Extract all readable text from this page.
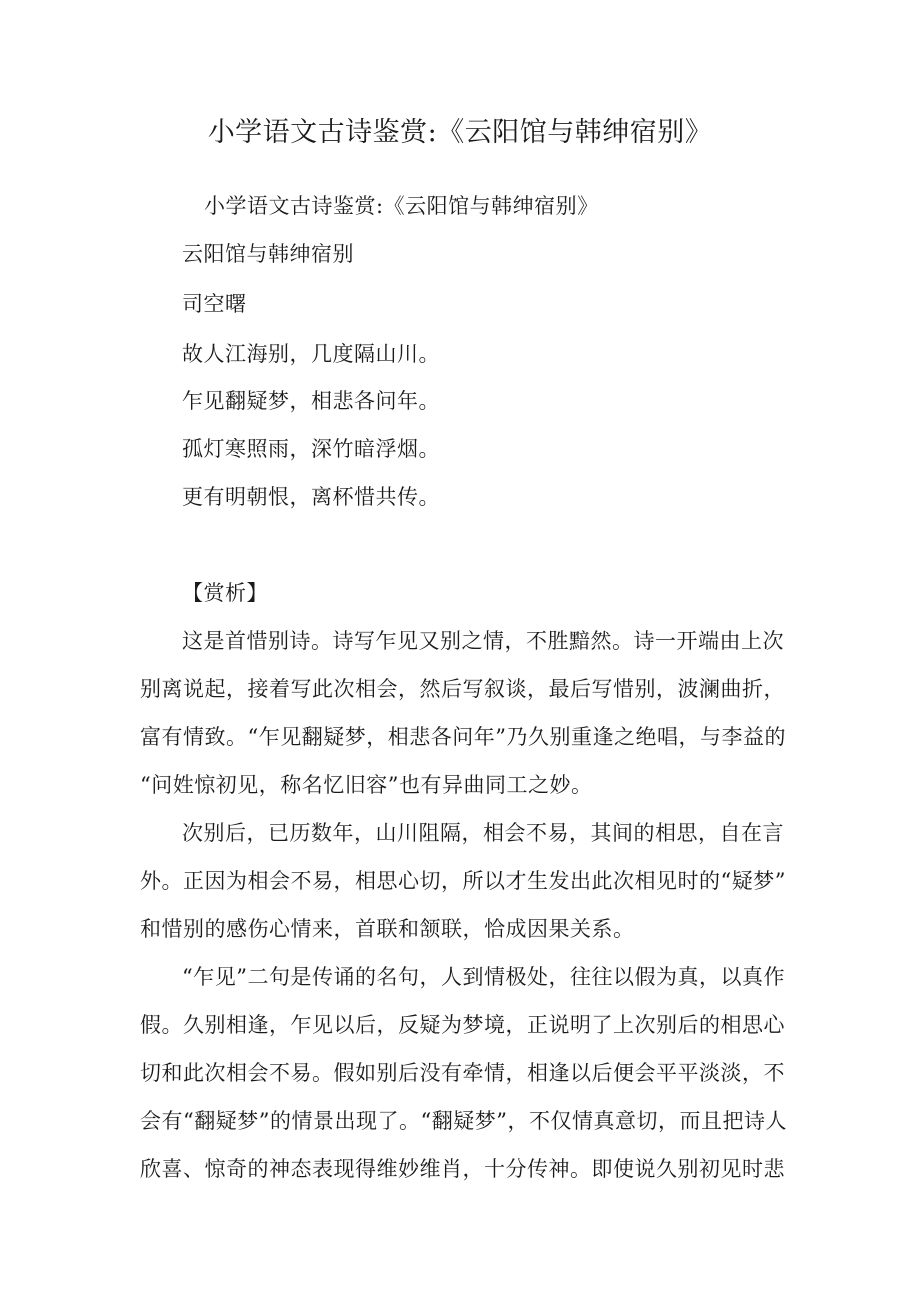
小学语文古诗鉴赏:《云阳馆与韩绅宿别》
小学语文古诗鉴赏:《云阳馆与韩绅宿别》
云阳馆与韩绅宿别
司空曙
故人江海别，几度隔山川。
乍见翻疑梦，相悲各问年。
孤灯寒照雨，深竹暗浮烟。
更有明朝恨，离杯惜共传。
【赏析】
这是首惜别诗。诗写乍见又别之情，不胜黯然。诗一开端由上次
别离说起，接着写此次相会，然后写叙谈，最后写惜别，波澜曲折，
富有情致。“乍见翻疑梦，相悲各问年”乃久别重逢之绝唱，与李益的
“问姓惊初见，称名忆旧容”也有异曲同工之妙。
次别后，已历数年，山川阻隔，相会不易，其间的相思，自在言
外。正因为相会不易，相思心切，所以才生发出此次相见时的“疑梦”
和惜别的感伤心情来，首联和颔联，恰成因果关系。
“乍见”二句是传诵的名句，人到情极处，往往以假为真，以真作
假。久别相逢，乍见以后，反疑为梦境，正说明了上次别后的相思心
切和此次相会不易。假如别后没有牵情，相逢以后便会平平淡淡，不
会有“翻疑梦”的情景出现了。“翻疑梦”，不仅情真意切，而且把诗人
欣喜、惊奇的神态表现得维妙维肖，十分传神。即使说久别初见时悲
